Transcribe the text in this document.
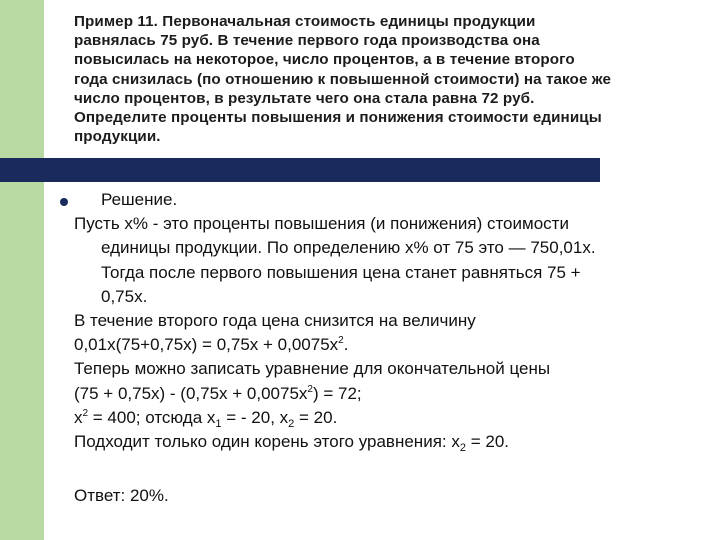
Пример 11. Первоначальная стоимость единицы продукции
равнялась 75 руб. В течение первого года производства она
повысилась на некоторое, число процентов, а в течение второго
года снизилась (по отношению к повышенной стоимости) на такое же
число процентов, в результате чего она стала равна 72 руб.
Определите проценты повышения и понижения стоимости единицы
продукции.
Решение.
Пусть х% - это проценты повышения (и понижения) стоимости
единицы продукции. По определению х% от 75 это — 750,01х.
Тогда после первого повышения цена станет равняться 75 +
0,75х.
В течение второго года цена снизится на величину
$0,01х(75+0,75х) = 0,75х + 0,0075х^2$.
Теперь можно записать уравнение для окончательной цены
$(75 + 0,75х) - (0,75х + 0,0075х^2) = 72$;
$х^2 = 400$; отсюда $х_1$ = - 20, $х_2 = 20$.
Подходит только один корень этого уравнения: $х_2 = 20$.
Ответ: 20%.
